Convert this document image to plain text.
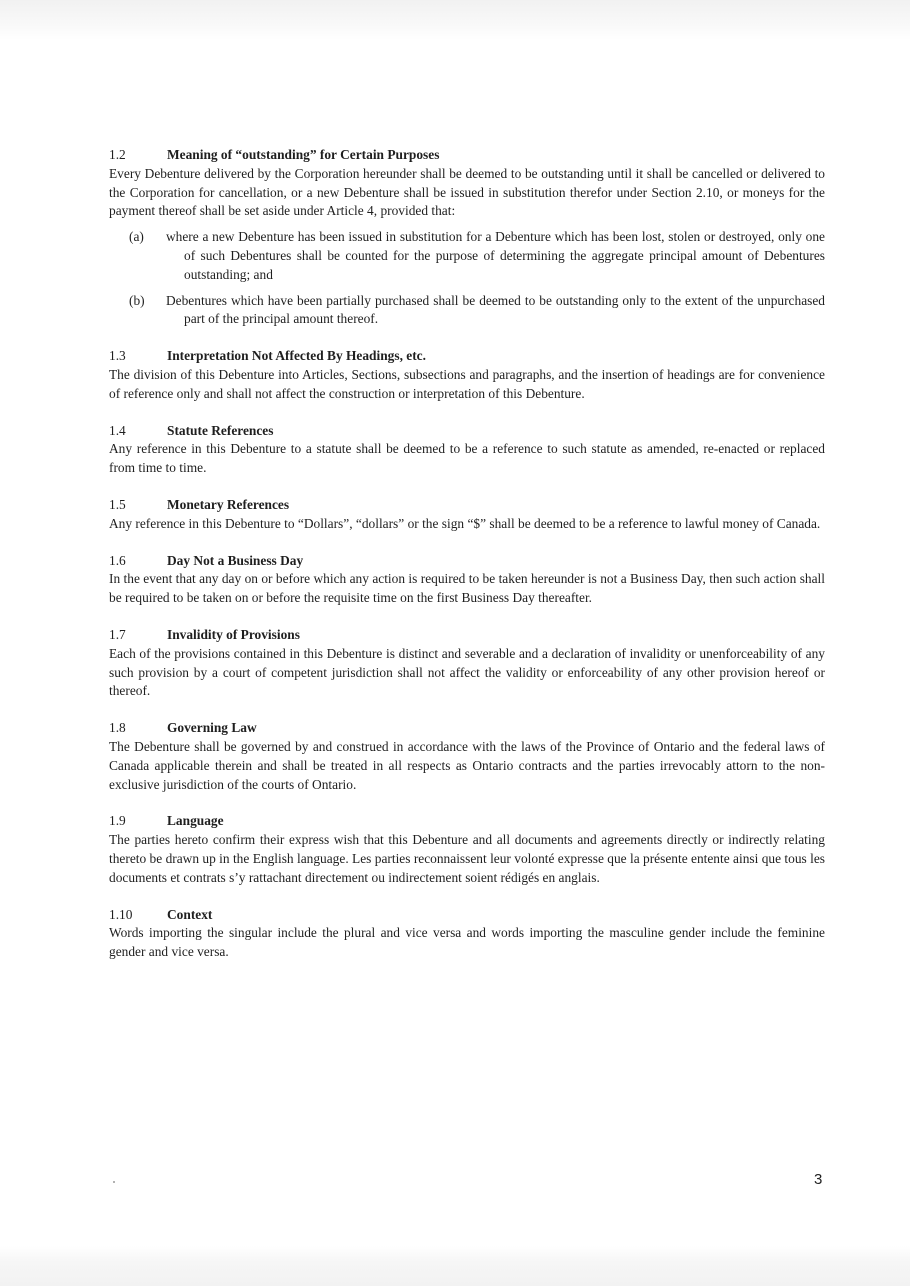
1.2	Meaning of “outstanding” for Certain Purposes

Every Debenture delivered by the Corporation hereunder shall be deemed to be outstanding until it shall be cancelled or delivered to the Corporation for cancellation, or a new Debenture shall be issued in substitution therefor under Section 2.10, or moneys for the payment thereof shall be set aside under Article 4, provided that:

(a)	where a new Debenture has been issued in substitution for a Debenture which has been lost, stolen or destroyed, only one of such Debentures shall be counted for the purpose of determining the aggregate principal amount of Debentures outstanding; and
(b)	Debentures which have been partially purchased shall be deemed to be outstanding only to the extent of the unpurchased part of the principal amount thereof.
1.3	Interpretation Not Affected By Headings, etc.

The division of this Debenture into Articles, Sections, subsections and paragraphs, and the insertion of headings are for convenience of reference only and shall not affect the construction or interpretation of this Debenture.

1.4	Statute References

Any reference in this Debenture to a statute shall be deemed to be a reference to such statute as amended, re-enacted or replaced from time to time.

1.5	Monetary References

Any reference in this Debenture to “Dollars”, “dollars” or the sign “$” shall be deemed to be a reference to lawful money of Canada.

1.6	Day Not a Business Day

In the event that any day on or before which any action is required to be taken hereunder is not a Business Day, then such action shall be required to be taken on or before the requisite time on the first Business Day thereafter.

1.7	Invalidity of Provisions

Each of the provisions contained in this Debenture is distinct and severable and a declaration of invalidity or unenforceability of any such provision by a court of competent jurisdiction shall not affect the validity or enforceability of any other provision hereof or thereof.

1.8	Governing Law

The Debenture shall be governed by and construed in accordance with the laws of the Province of Ontario and the federal laws of Canada applicable therein and shall be treated in all respects as Ontario contracts and the parties irrevocably attorn to the non-exclusive jurisdiction of the courts of Ontario.

1.9	Language

The parties hereto confirm their express wish that this Debenture and all documents and agreements directly or indirectly relating thereto be drawn up in the English language. Les parties reconnaissent leur volonté expresse que la présente entente ainsi que tous les documents et contrats s’y rattachant directement ou indirectement soient rédigés en anglais.

1.10	Context

Words importing the singular include the plural and vice versa and words importing the masculine gender include the feminine gender and vice versa.

3
